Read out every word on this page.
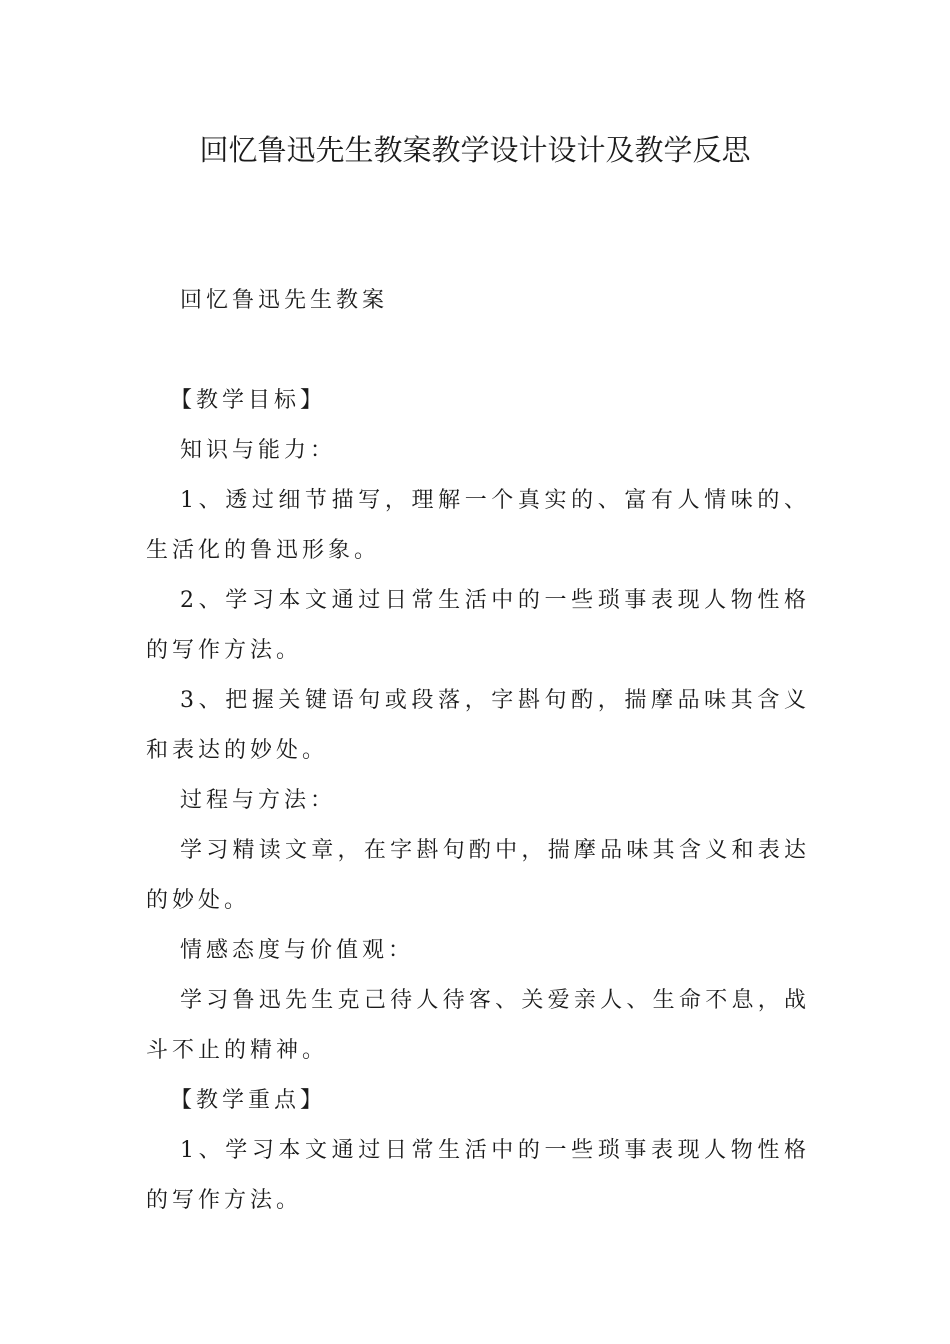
回忆鲁迅先生教案教学设计设计及教学反思

回忆鲁迅先生教案

【教学目标】

知识与能力：

1、透过细节描写，理解一个真实的、富有人情味的、生活化的鲁迅形象。

2、学习本文通过日常生活中的一些琐事表现人物性格的写作方法。

3、把握关键语句或段落，字斟句酌，揣摩品味其含义和表达的妙处。

过程与方法：

学习精读文章，在字斟句酌中，揣摩品味其含义和表达的妙处。

情感态度与价值观：

学习鲁迅先生克己待人待客、关爱亲人、生命不息，战斗不止的精神。

【教学重点】

1、学习本文通过日常生活中的一些琐事表现人物性格的写作方法。
